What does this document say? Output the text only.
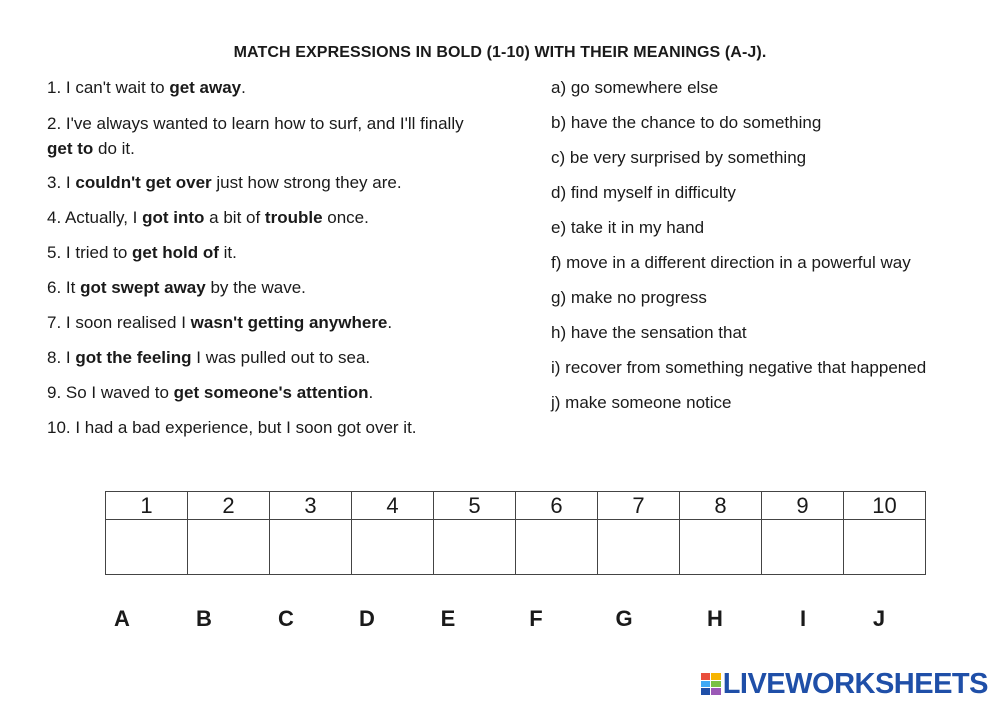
MATCH EXPRESSIONS IN BOLD (1-10) WITH THEIR MEANINGS (A-J).
1. I can't wait to get away.
2. I've always wanted to learn how to surf, and I'll finally get to do it.
3. I couldn't get over just how strong they are.
4. Actually, I got into a bit of trouble once.
5. I tried to get hold of it.
6. It got swept away by the wave.
7. I soon realised I wasn't getting anywhere.
8. I got the feeling I was pulled out to sea.
9. So I waved to get someone's attention.
10. I had a bad experience, but I soon got over it.
a) go somewhere else
b) have the chance to do something
c) be very surprised by something
d) find myself in difficulty
e) take it in my hand
f) move in a different direction in a powerful way
g) make no progress
h) have the sensation that
i) recover from something negative that happened
j) make someone notice
1	2	3	4	5	6	7	8	9	10

A	B	C	D	E	F	G	H	I	J
LIVEWORKSHEETS
